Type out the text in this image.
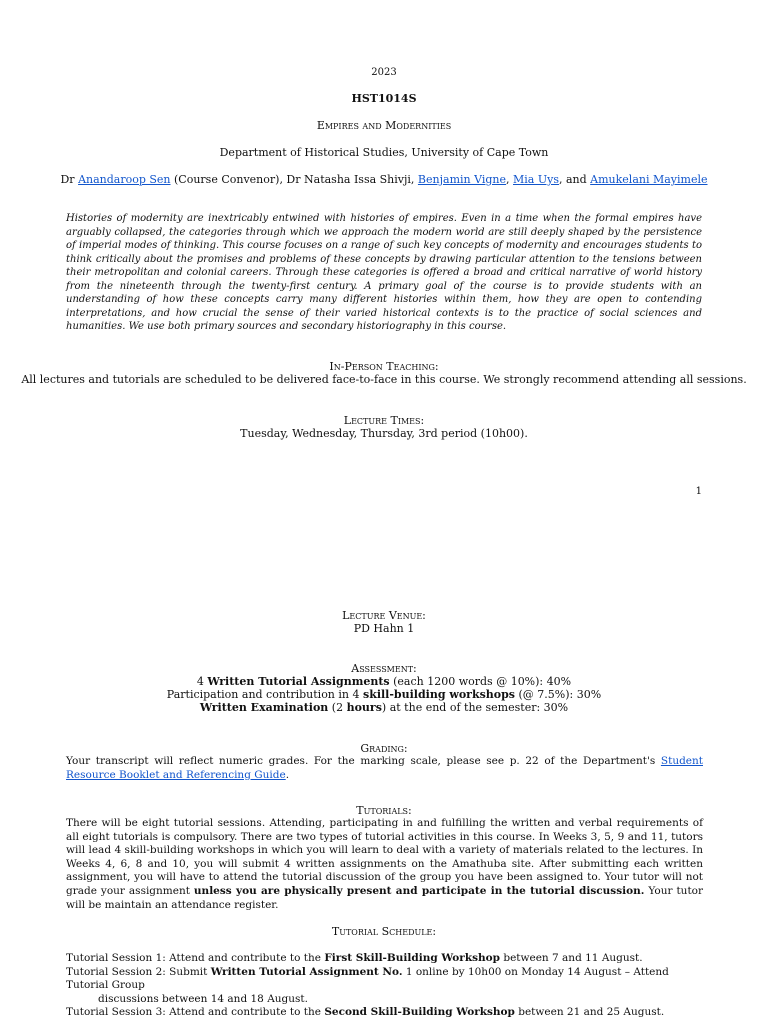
2023
HST1014S
Empires and Modernities
Department of Historical Studies, University of Cape Town
Dr Anandaroop Sen (Course Convenor), Dr Natasha Issa Shivji, Benjamin Vigne, Mia Uys, and Amukelani Mayimele

Histories of modernity are inextricably entwined with histories of empires. Even in a time when the formal empires have arguably collapsed, the categories through which we approach the modern world are still deeply shaped by the persistence of imperial modes of thinking. This course focuses on a range of such key concepts of modernity and encourages students to think critically about the promises and problems of these concepts by drawing particular attention to the tensions between their metropolitan and colonial careers. Through these categories is offered a broad and critical narrative of world history from the nineteenth through the twenty-first century. A primary goal of the course is to provide students with an understanding of how these concepts carry many different histories within them, how they are open to contending interpretations, and how crucial the sense of their varied historical contexts is to the practice of social sciences and humanities. We use both primary sources and secondary historiography in this course.

In-Person Teaching:
All lectures and tutorials are scheduled to be delivered face-to-face in this course. We strongly recommend attending all sessions.
Lecture Times:
Tuesday, Wednesday, Thursday, 3rd period (10h00).
1
Lecture Venue:
PD Hahn 1
Assessment:
4 Written Tutorial Assignments (each 1200 words @ 10%): 40%
Participation and contribution in 4 skill-building workshops (@ 7.5%): 30%
Written Examination (2 hours) at the end of the semester: 30%
Grading:

Your transcript will reflect numeric grades. For the marking scale, please see p. 22 of the Department's Student Resource Booklet and Referencing Guide.

Tutorials:

There will be eight tutorial sessions. Attending, participating in and fulfilling the written and verbal requirements of all eight tutorials is compulsory. There are two types of tutorial activities in this course. In Weeks 3, 5, 9 and 11, tutors will lead 4 skill-building workshops in which you will learn to deal with a variety of materials related to the lectures. In Weeks 4, 6, 8 and 10, you will submit 4 written assignments on the Amathuba site. After submitting each written assignment, you will have to attend the tutorial discussion of the group you have been assigned to. Your tutor will not grade your assignment unless you are physically present and participate in the tutorial discussion. Your tutor will be maintain an attendance register.

Tutorial Schedule:

Tutorial Session 1: Attend and contribute to the First Skill-Building Workshop between 7 and 11 August.

Tutorial Session 2: Submit Written Tutorial Assignment No. 1 online by 10h00 on Monday 14 August – Attend Tutorial Group

discussions between 14 and 18 August.

Tutorial Session 3: Attend and contribute to the Second Skill-Building Workshop between 21 and 25 August.
